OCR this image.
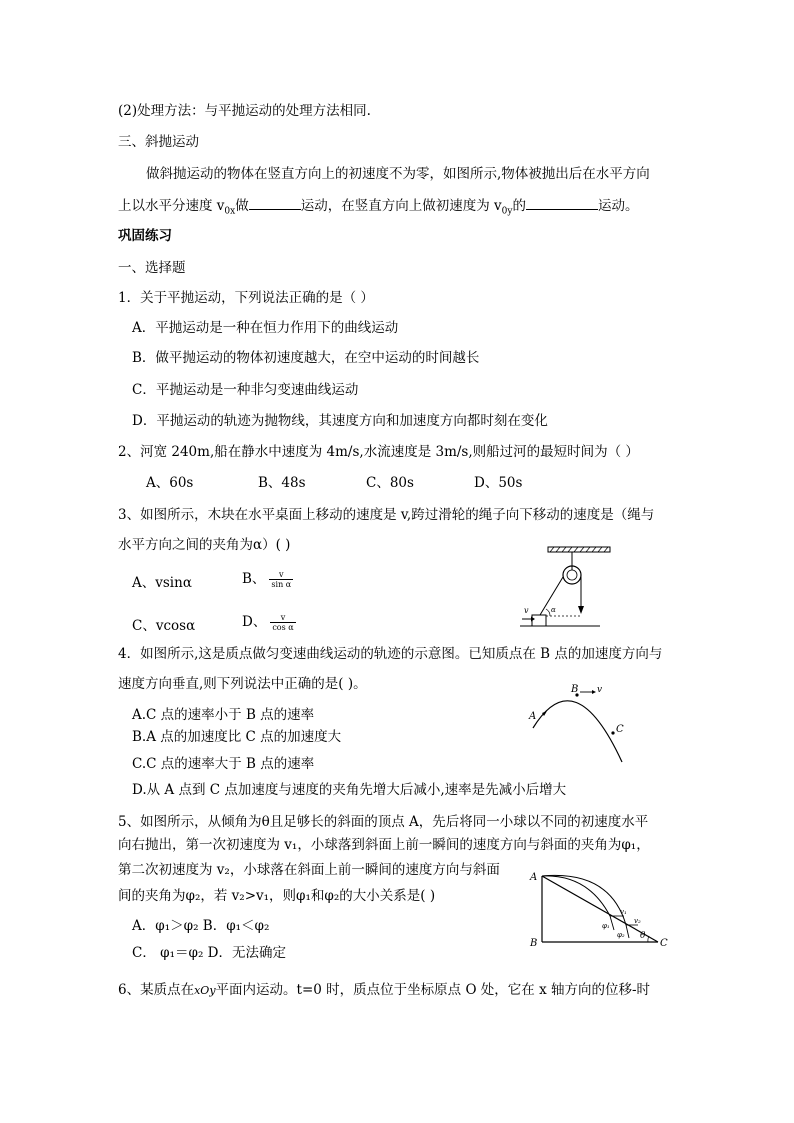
(2)处理方法：与平抛运动的处理方法相同.
三、斜抛运动
做斜抛运动的物体在竖直方向上的初速度不为零，如图所示,物体被抛出后在水平方向
上以水平分速度 $v_{0x}$做	运动，在竖直方向上做初速度为 $v_{0y}$的	运动。
巩固练习
一、选择题
1．关于平抛运动，下列说法正确的是（ ）
A．平抛运动是一种在恒力作用下的曲线运动
B．做平抛运动的物体初速度越大，在空中运动的时间越长
C．平抛运动是一种非匀变速曲线运动
D．平抛运动的轨迹为抛物线，其速度方向和加速度方向都时刻在变化
2、河宽 240m,船在静水中速度为 4m/s,水流速度是 3m/s,则船过河的最短时间为（ ）
A、60s	B、48s	C、80s	D、50s
3、如图所示，木块在水平桌面上移动的速度是 v,跨过滑轮的绳子向下移动的速度是（绳与
水平方向之间的夹角为α）( )
A、vsinα	B、 $\frac{v}{\text{sin α}}$
C、vcosα	D、 $\frac{v}{\text{cos α}}$
α
v
4．如图所示,这是质点做匀变速曲线运动的轨迹的示意图。已知质点在 B 点的加速度方向与
速度方向垂直,则下列说法中正确的是( )。
A.C 点的速率小于 B 点的速率
B.A 点的加速度比 C 点的加速度大
C.C 点的速率大于 B 点的速率
D.从 A 点到 C 点加速度与速度的夹角先增大后减小,速率是先减小后增大
A
B v
C
5、如图所示，从倾角为θ且足够长的斜面的顶点 A，先后将同一小球以不同的初速度水平
向右抛出，第一次初速度为 v₁，小球落到斜面上前一瞬间的速度方向与斜面的夹角为φ₁，
第二次初速度为 v₂，小球落在斜面上前一瞬间的速度方向与斜面
间的夹角为φ₂，若 v₂>v₁，则φ₁和φ₂的大小关系是( )
A．φ₁＞φ₂ B．φ₁＜φ₂
C． φ₁＝φ₂ D．无法确定
A
B	C
θ
v₁
v₂
φ₁
φ₂
6、某质点在xOy平面内运动。t=0 时，质点位于坐标原点 O 处，它在 x 轴方向的位移-时
